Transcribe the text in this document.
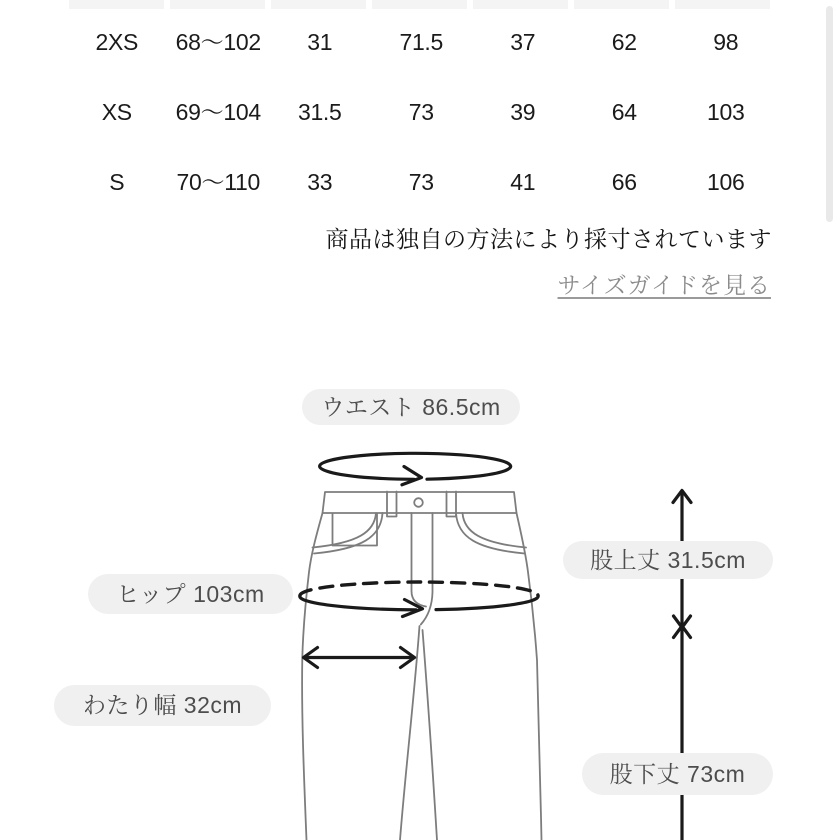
2XS	68〜102	31	71.5	37	62	98
XS	69〜104	31.5	73	39	64	103
S	70〜110	33	73	41	66	106
商品は独自の方法により採寸されています
サイズガイドを見る
ウエスト 86.5cm
ヒップ 103cm
股上丈 31.5cm
わたり幅 32cm
股下丈 73cm
